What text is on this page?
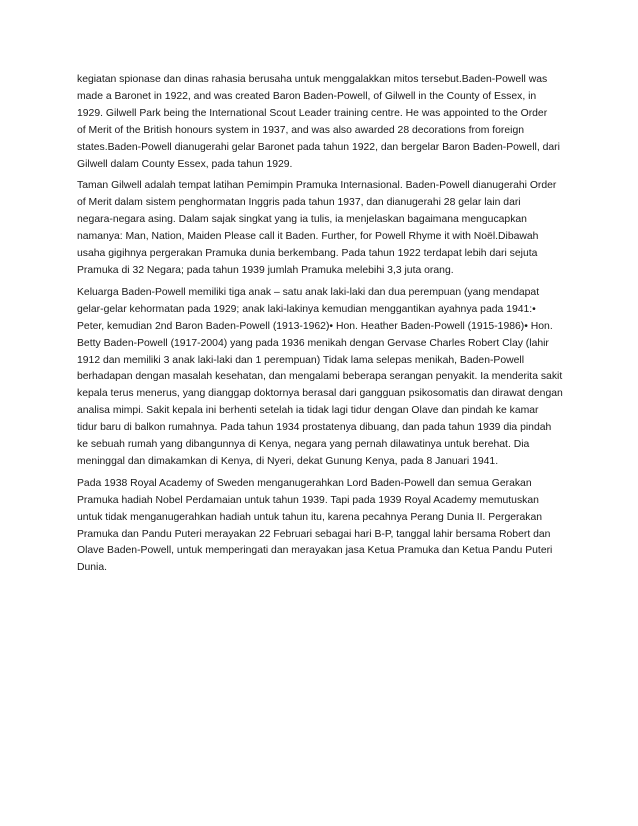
kegiatan spionase dan dinas rahasia berusaha untuk menggalakkan mitos tersebut.Baden-Powell was
made a Baronet in 1922, and was created Baron Baden-Powell, of Gilwell in the County of Essex, in
1929. Gilwell Park being the International Scout Leader training centre. He was appointed to the Order
of Merit of the British honours system in 1937, and was also awarded 28 decorations from foreign
states.Baden-Powell dianugerahi gelar Baronet pada tahun 1922, dan bergelar Baron Baden-Powell, dari
Gilwell dalam County Essex, pada tahun 1929.

Taman Gilwell adalah tempat latihan Pemimpin Pramuka Internasional. Baden-Powell dianugerahi Order
of Merit dalam sistem penghormatan Inggris pada tahun 1937, dan dianugerahi 28 gelar lain dari
negara-negara asing. Dalam sajak singkat yang ia tulis, ia menjelaskan bagaimana mengucapkan
namanya: Man, Nation, Maiden Please call it Baden. Further, for Powell Rhyme it with Noël.Dibawah
usaha gigihnya pergerakan Pramuka dunia berkembang. Pada tahun 1922 terdapat lebih dari sejuta
Pramuka di 32 Negara; pada tahun 1939 jumlah Pramuka melebihi 3,3 juta orang.

Keluarga Baden-Powell memiliki tiga anak – satu anak laki-laki dan dua perempuan (yang mendapat
gelar-gelar kehormatan pada 1929; anak laki-lakinya kemudian menggantikan ayahnya pada 1941:•
Peter, kemudian 2nd Baron Baden-Powell (1913-1962)• Hon. Heather Baden-Powell (1915-1986)• Hon.
Betty Baden-Powell (1917-2004) yang pada 1936 menikah dengan Gervase Charles Robert Clay (lahir
1912 dan memiliki 3 anak laki-laki dan 1 perempuan) Tidak lama selepas menikah, Baden-Powell
berhadapan dengan masalah kesehatan, dan mengalami beberapa serangan penyakit. Ia menderita sakit
kepala terus menerus, yang dianggap doktornya berasal dari gangguan psikosomatis dan dirawat dengan
analisa mimpi. Sakit kepala ini berhenti setelah ia tidak lagi tidur dengan Olave dan pindah ke kamar
tidur baru di balkon rumahnya. Pada tahun 1934 prostatenya dibuang, dan pada tahun 1939 dia pindah
ke sebuah rumah yang dibangunnya di Kenya, negara yang pernah dilawatinya untuk berehat. Dia
meninggal dan dimakamkan di Kenya, di Nyeri, dekat Gunung Kenya, pada 8 Januari 1941.

Pada 1938 Royal Academy of Sweden menganugerahkan Lord Baden-Powell dan semua Gerakan
Pramuka hadiah Nobel Perdamaian untuk tahun 1939. Tapi pada 1939 Royal Academy memutuskan
untuk tidak menganugerahkan hadiah untuk tahun itu, karena pecahnya Perang Dunia II. Pergerakan
Pramuka dan Pandu Puteri merayakan 22 Februari sebagai hari B-P, tanggal lahir bersama Robert dan
Olave Baden-Powell, untuk memperingati dan merayakan jasa Ketua Pramuka dan Ketua Pandu Puteri
Dunia.
